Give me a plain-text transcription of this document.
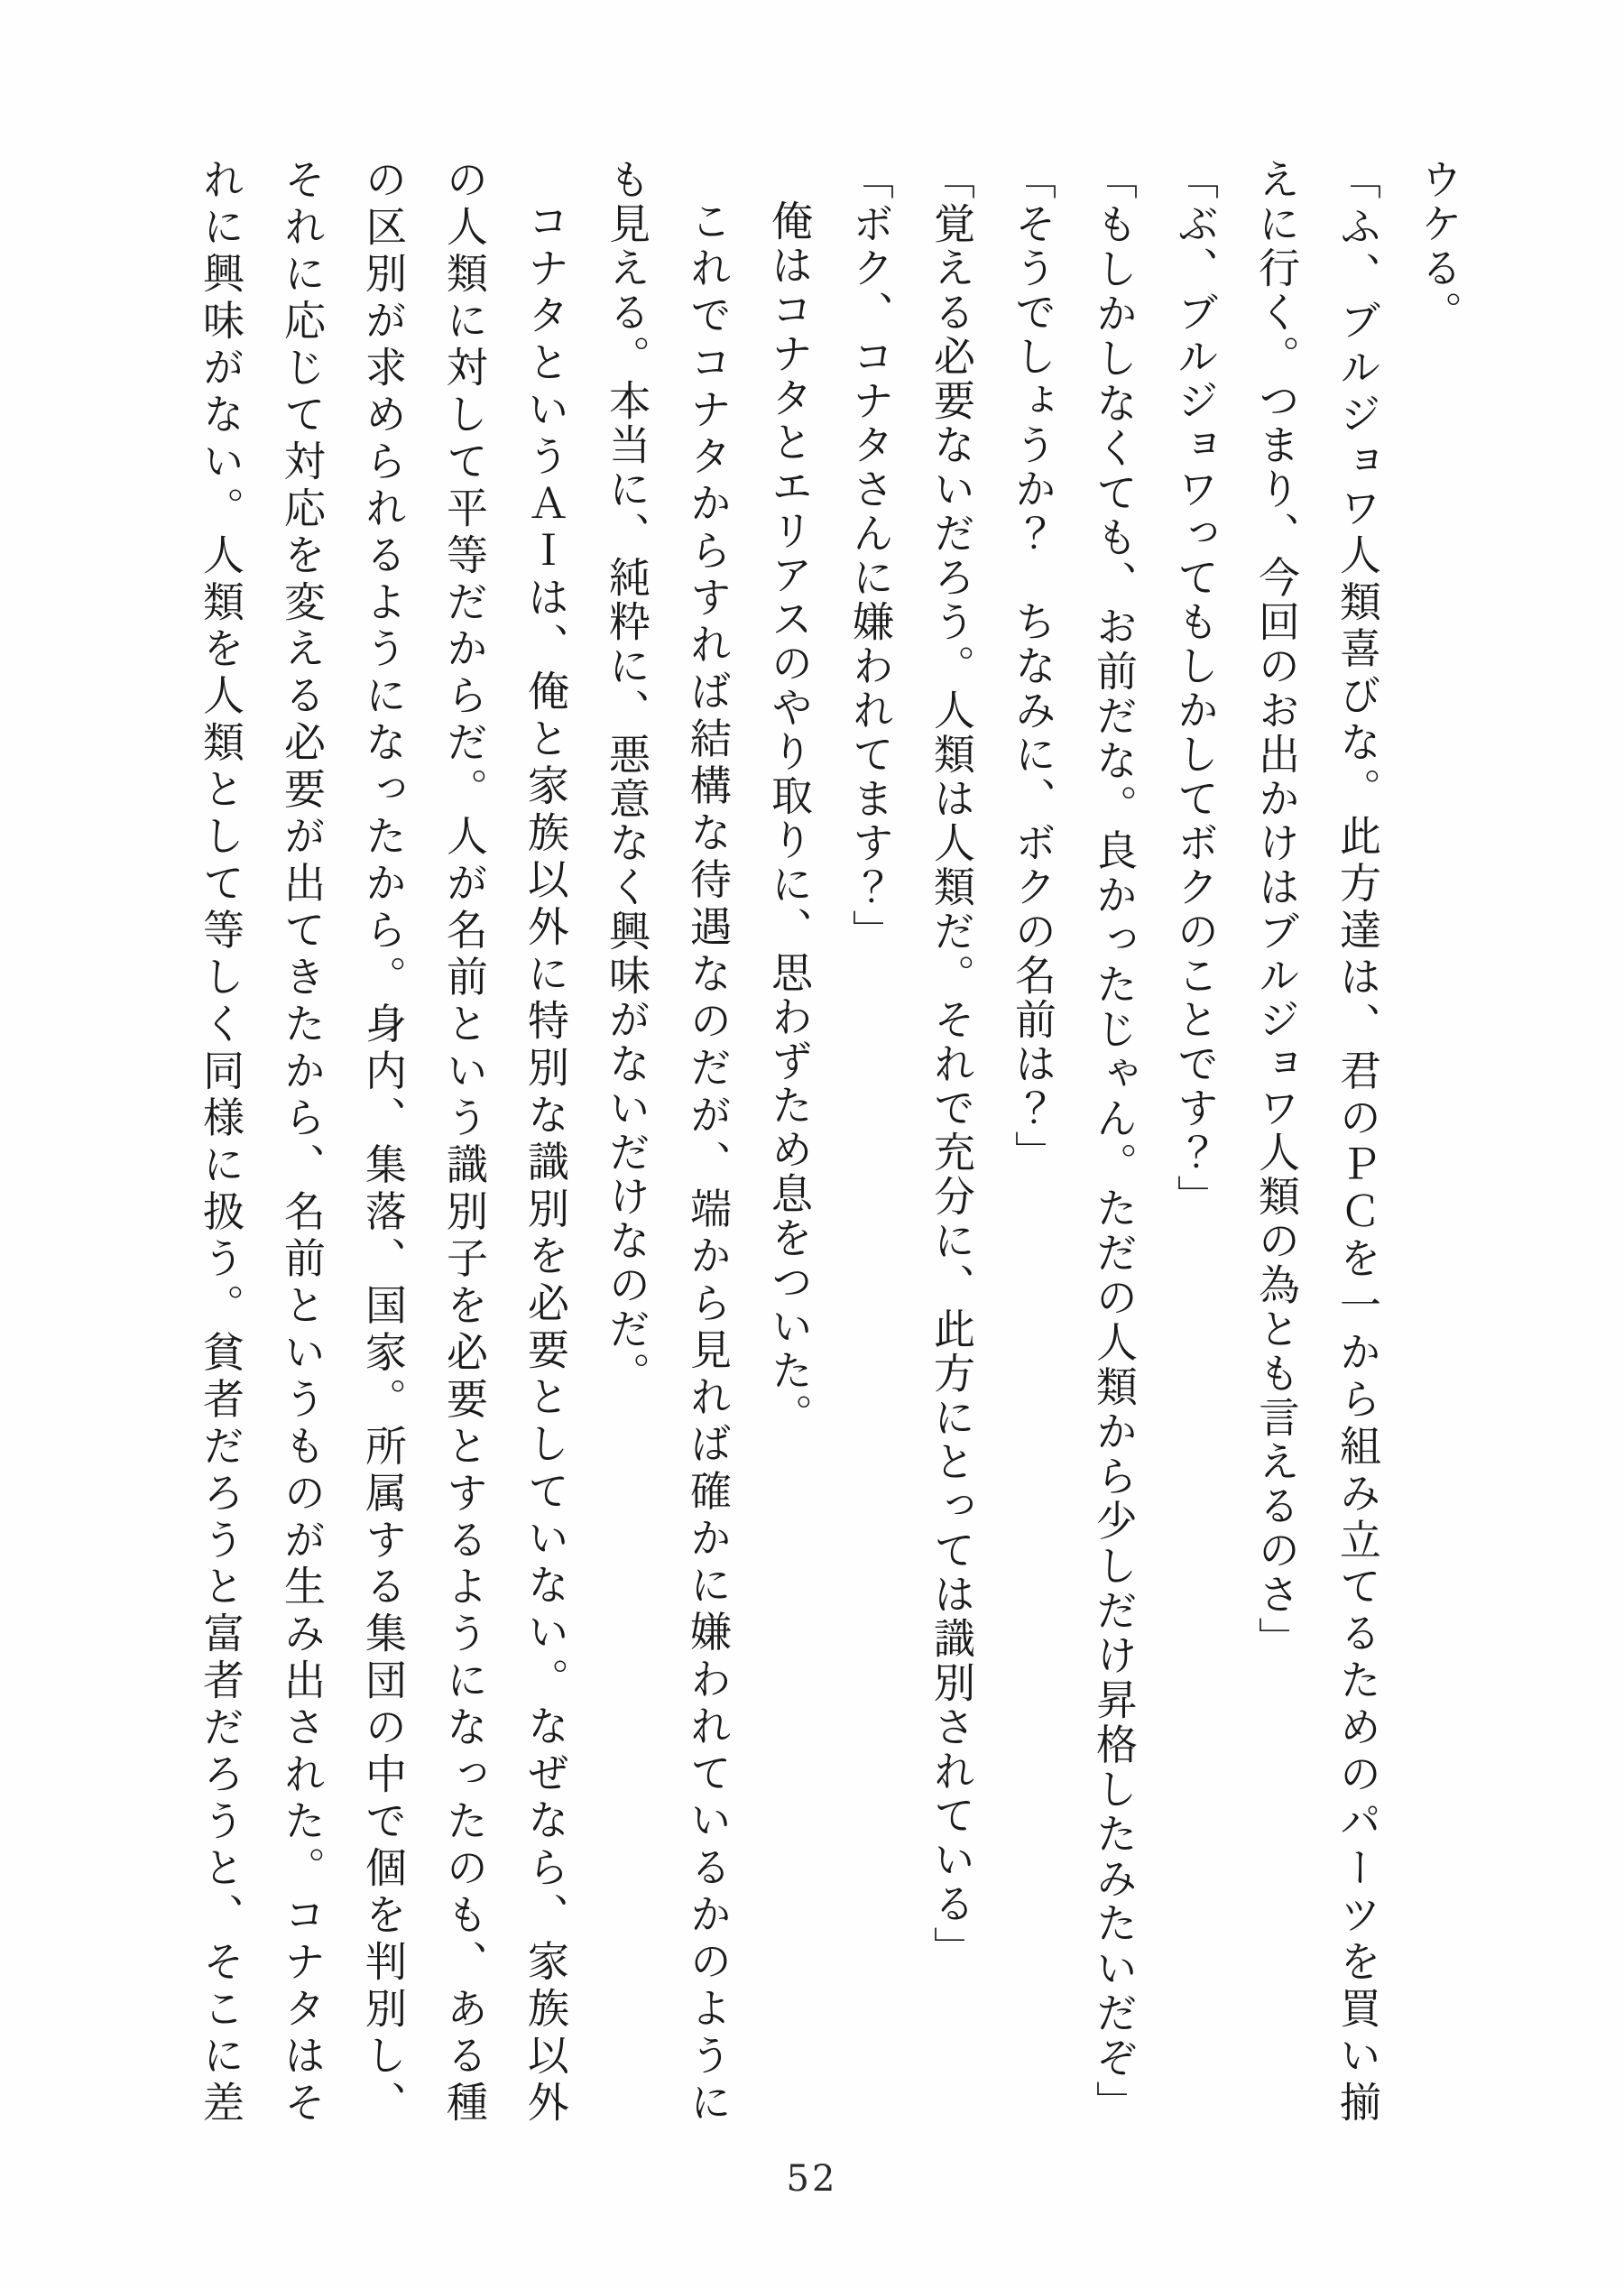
ウケる。

「ふ、ブルジョワ人類喜びな。此方達は、君のＰＣを一から組み立てるためのパーツを買い揃

えに行く。つまり、今回のお出かけはブルジョワ人類の為とも言えるのさ」

「ぶ、ブルジョワってもしかしてボクのことです？」

「もしかしなくても、お前だな。良かったじゃん。ただの人類から少しだけ昇格したみたいだぞ」

「そうでしょうか？　ちなみに、ボクの名前は？」

「覚える必要ないだろう。人類は人類だ。それで充分に、此方にとっては識別されている」

「ボク、コナタさんに嫌われてます？」

俺はコナタとエリアスのやり取りに、思わずため息をついた。

これでコナタからすれば結構な待遇なのだが、端から見れば確かに嫌われているかのように

も見える。本当に、純粋に、悪意なく興味がないだけなのだ。

コナタというＡＩは、俺と家族以外に特別な識別を必要としていない。なぜなら、家族以外

の人類に対して平等だからだ。人が名前という識別子を必要とするようになったのも、ある種

の区別が求められるようになったから。身内、集落、国家。所属する集団の中で個を判別し、

それに応じて対応を変える必要が出てきたから、名前というものが生み出された。コナタはそ

れに興味がない。人類を人類として等しく同様に扱う。貧者だろうと富者だろうと、そこに差

52
